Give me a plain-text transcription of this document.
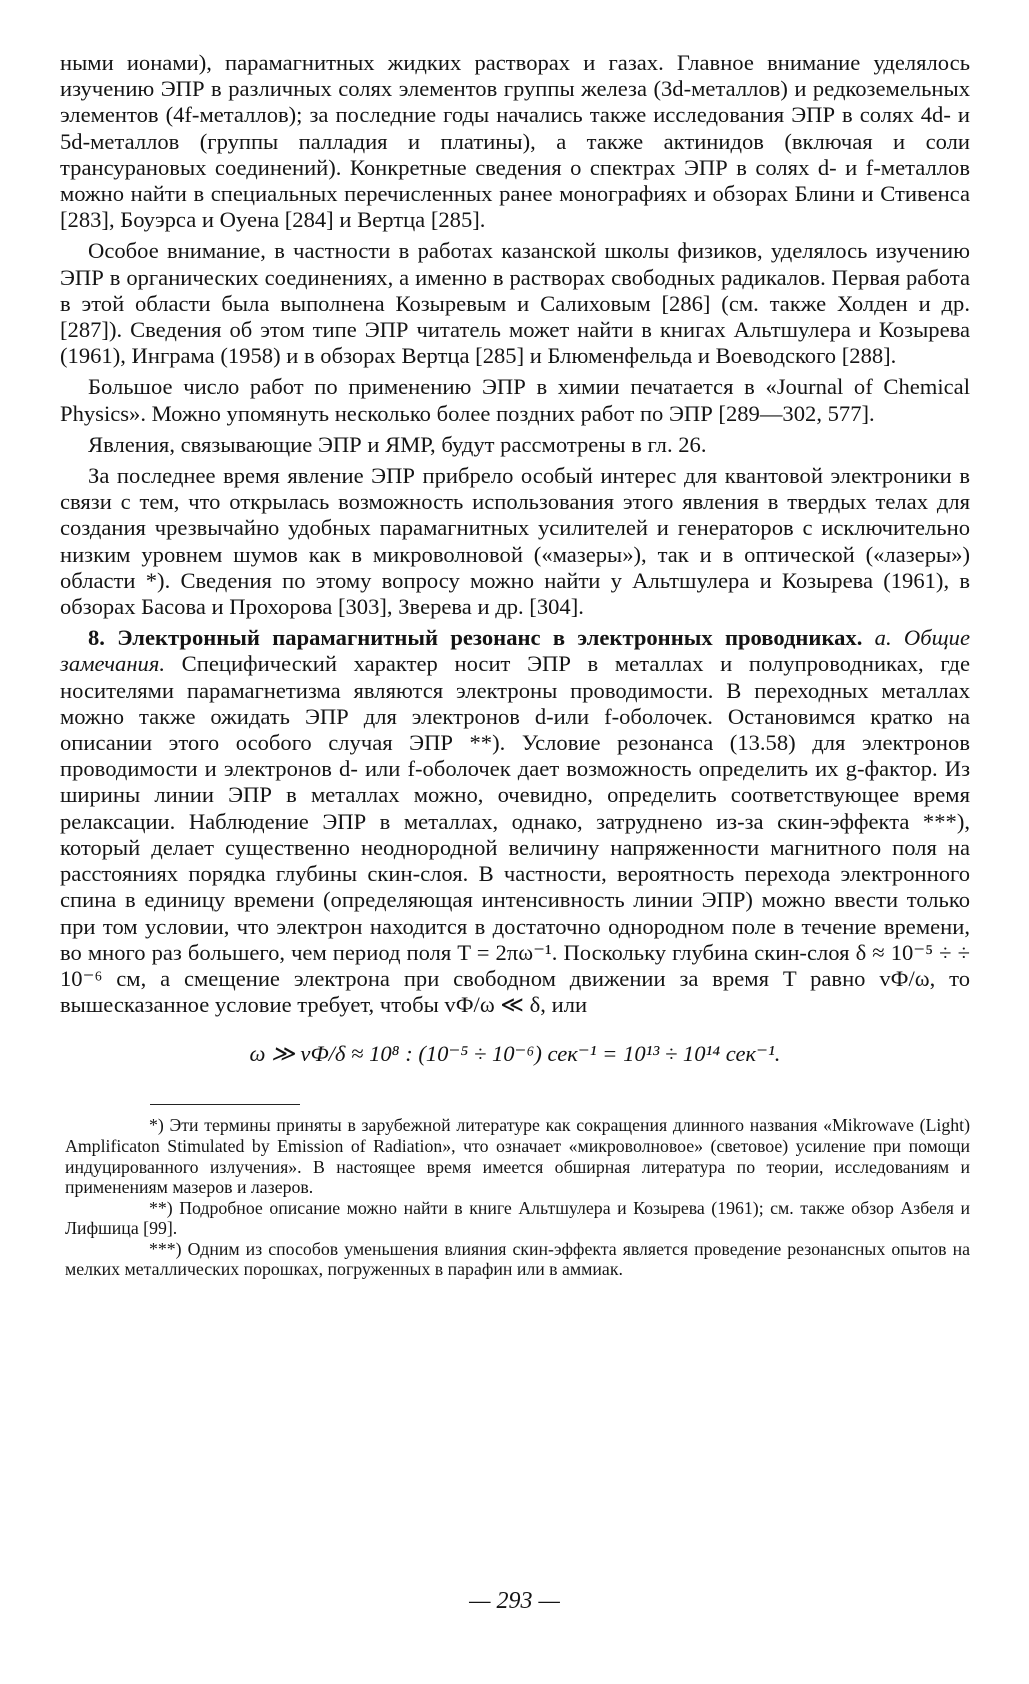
ными ионами), парамагнитных жидких растворах и газах. Главное внимание уделялось изучению ЭПР в различных солях элементов группы железа (3d-металлов) и редкоземельных элементов (4f-металлов); за последние годы начались также исследования ЭПР в солях 4d- и 5d-металлов (группы палладия и платины), а также актинидов (включая и соли трансурановых соединений). Конкретные сведения о спектрах ЭПР в солях d- и f-металлов можно найти в специальных перечисленных ранее монографиях и обзорах Блини и Стивенса [283], Боуэрса и Оуена [284] и Вертца [285].

Особое внимание, в частности в работах казанской школы физиков, уделялось изучению ЭПР в органических соединениях, а именно в растворах свободных радикалов. Первая работа в этой области была выполнена Козыревым и Салиховым [286] (см. также Холден и др. [287]). Сведения об этом типе ЭПР читатель может найти в книгах Альтшулера и Козырева (1961), Инграма (1958) и в обзорах Вертца [285] и Блюменфельда и Воеводского [288].

Большое число работ по применению ЭПР в химии печатается в «Journal of Chemical Physics». Можно упомянуть несколько более поздних работ по ЭПР [289—302, 577].

Явления, связывающие ЭПР и ЯМР, будут рассмотрены в гл. 26.

За последнее время явление ЭПР прибрело особый интерес для квантовой электроники в связи с тем, что открылась возможность использования этого явления в твердых телах для создания чрезвычайно удобных парамагнитных усилителей и генераторов с исключительно низким уровнем шумов как в микроволновой («мазеры»), так и в оптической («лазеры») области *). Сведения по этому вопросу можно найти у Альтшулера и Козырева (1961), в обзорах Басова и Прохорова [303], Зверева и др. [304].

8. Электронный парамагнитный резонанс в электронных проводниках. а. Общие замечания. Специфический характер носит ЭПР в металлах и полупроводниках, где носителями парамагнетизма являются электроны проводимости. В переходных металлах можно также ожидать ЭПР для электронов d-или f-оболочек. Остановимся кратко на описании этого особого случая ЭПР **). Условие резонанса (13.58) для электронов проводимости и электронов d- или f-оболочек дает возможность определить их g-фактор. Из ширины линии ЭПР в металлах можно, очевидно, определить соответствующее время релаксации. Наблюдение ЭПР в металлах, однако, затруднено из-за скин-эффекта ***), который делает существенно неоднородной величину напряженности магнитного поля на расстояниях порядка глубины скин-слоя. В частности, вероятность перехода электронного спина в единицу времени (определяющая интенсивность линии ЭПР) можно ввести только при том условии, что электрон находится в достаточно однородном поле в течение времени, во много раз большего, чем период поля T = 2πω⁻¹. Поскольку глубина скин-слоя δ ≈ 10⁻⁵ ÷ ÷ 10⁻⁶ см, а смещение электрона при свободном движении за время T равно vФ/ω, то вышесказанное условие требует, чтобы vФ/ω ≪ δ, или

ω ≫ vФ/δ ≈ 10⁸ : (10⁻⁵ ÷ 10⁻⁶) сек⁻¹ = 10¹³ ÷ 10¹⁴ сек⁻¹.

*) Эти термины приняты в зарубежной литературе как сокращения длинного названия «Mikrowave (Light) Amplificaton Stimulated by Emission of Radiation», что означает «микроволновое» (световое) усиление при помощи индуцированного излучения». В настоящее время имеется обширная литература по теории, исследованиям и применениям мазеров и лазеров.

**) Подробное описание можно найти в книге Альтшулера и Козырева (1961); см. также обзор Азбеля и Лифшица [99].

***) Одним из способов уменьшения влияния скин-эффекта является проведение резонансных опытов на мелких металлических порошках, погруженных в парафин или в аммиак.

— 293 —
